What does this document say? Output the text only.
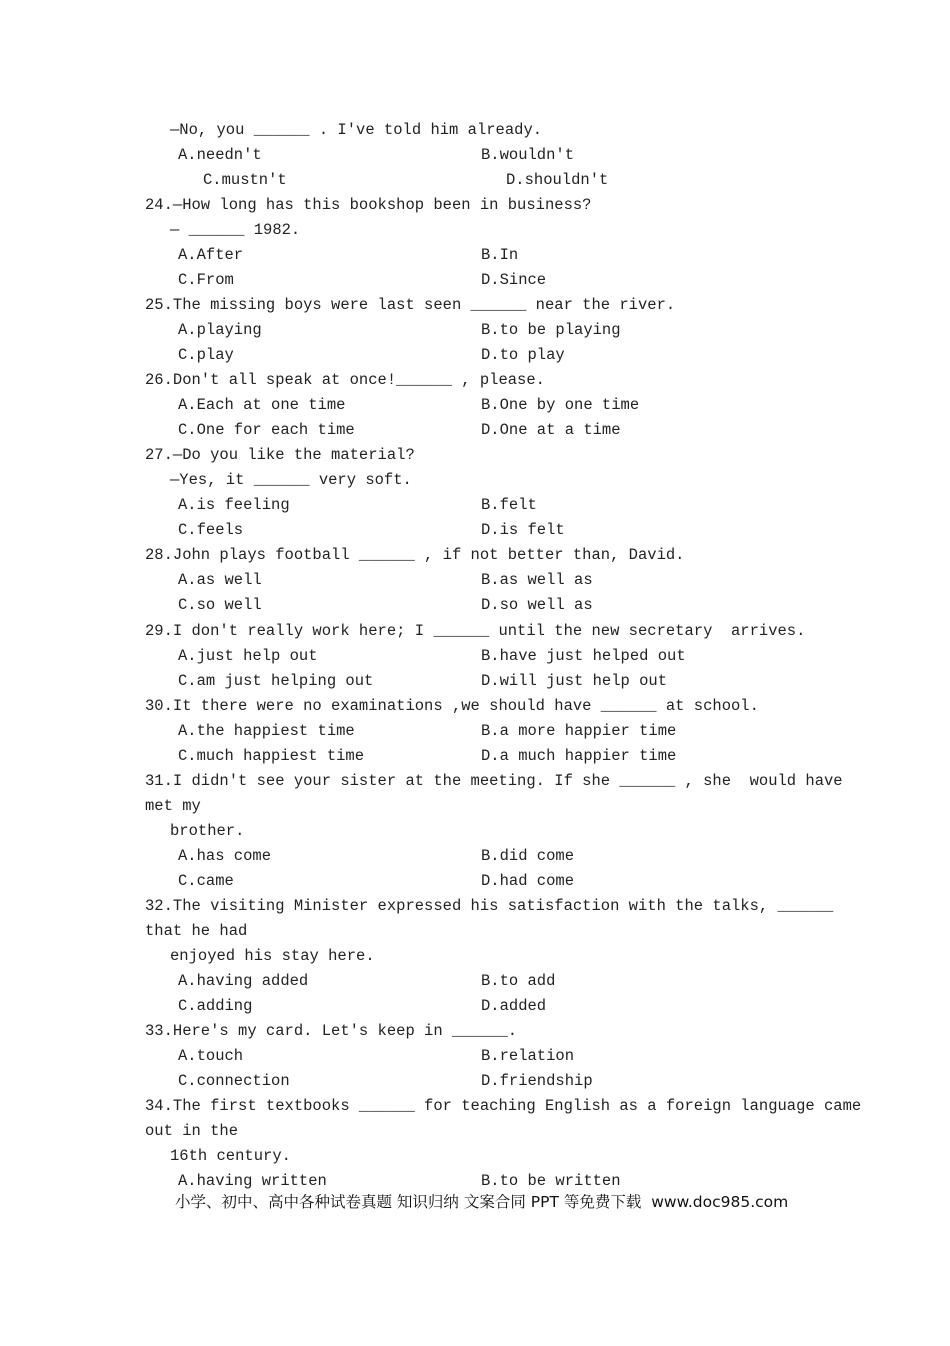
—No, you ______ . I've told him already.
A.needn't	B.wouldn't
C.mustn't	D.shouldn't
24.—How long has this bookshop been in business?
— ______ 1982.
A.After	B.In
C.From	D.Since
25.The missing boys were last seen ______ near the river.
A.playing	B.to be playing
C.play	D.to play
26.Don't all speak at once!______ , please.
A.Each at one time	B.One by one time
C.One for each time	D.One at a time
27.—Do you like the material?
—Yes, it ______ very soft.
A.is feeling	B.felt
C.feels	D.is felt
28.John plays football ______ , if not better than, David.
A.as well	B.as well as
C.so well	D.so well as
29.I don't really work here; I ______ until the new secretary  arrives.
A.just help out	B.have just helped out
C.am just helping out	D.will just help out
30.It there were no examinations ,we should have ______ at school.
A.the happiest time	B.a more happier time
C.much happiest time	D.a much happier time
31.I didn't see your sister at the meeting. If she ______ , she  would have
met my
brother.
A.has come	B.did come
C.came	D.had come
32.The visiting Minister expressed his satisfaction with the talks, ______
that he had
enjoyed his stay here.
A.having added	B.to add
C.adding	D.added
33.Here's my card. Let's keep in ______.
A.touch	B.relation
C.connection	D.friendship
34.The first textbooks ______ for teaching English as a foreign language came
out in the
16th century.
A.having written	B.to be written
小学、初中、高中各种试卷真题 知识归纳 文案合同 PPT 等免费下载  www.doc985.com
